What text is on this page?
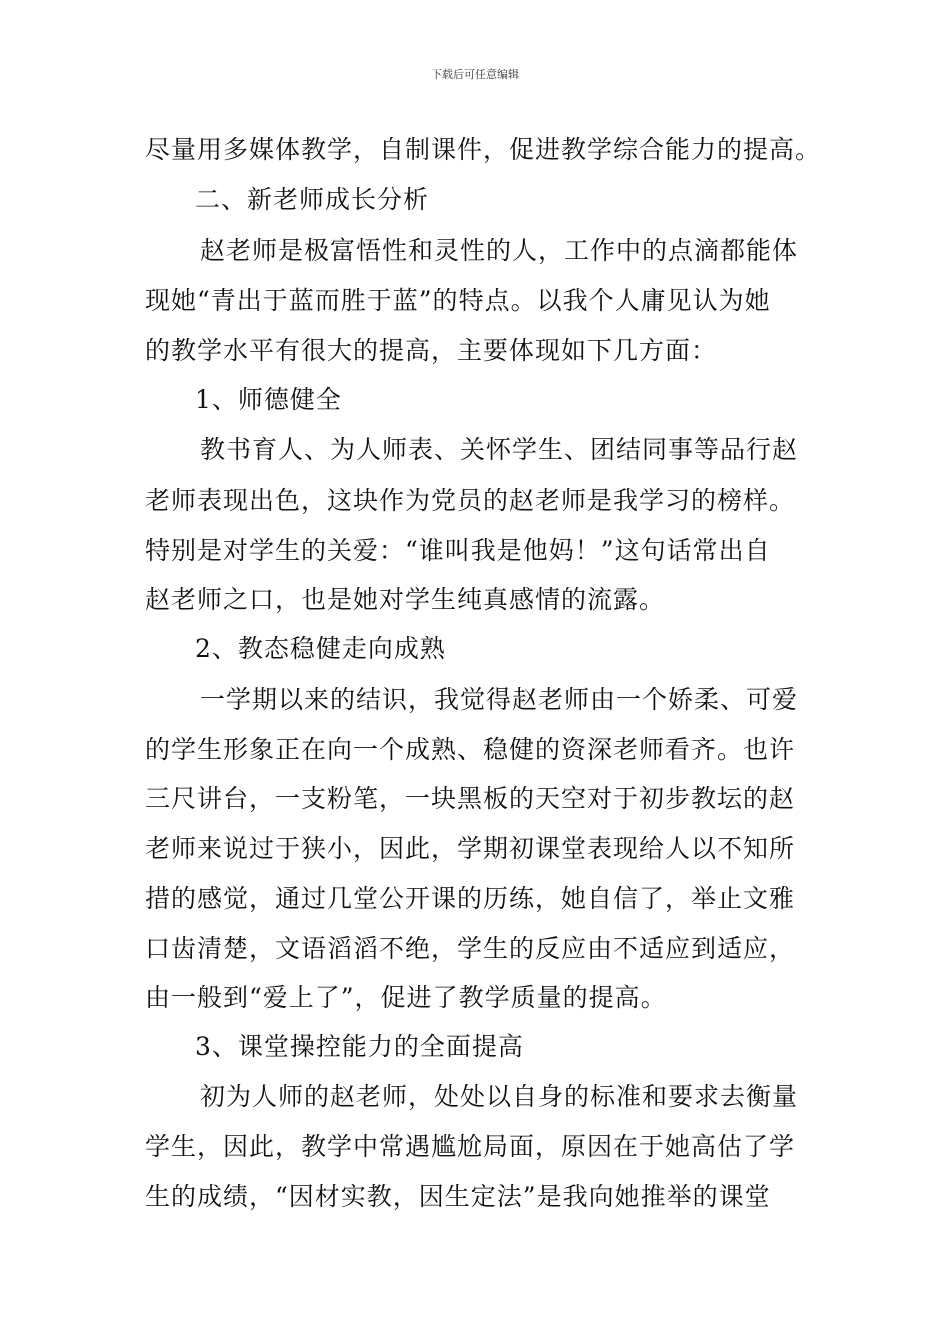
下载后可任意编辑
尽量用多媒体教学，自制课件，促进教学综合能力的提高。
二、新老师成长分析
赵老师是极富悟性和灵性的人，工作中的点滴都能体
现她“青出于蓝而胜于蓝”的特点。以我个人庸见认为她
的教学水平有很大的提高，主要体现如下几方面：
1、师德健全
教书育人、为人师表、关怀学生、团结同事等品行赵
老师表现出色，这块作为党员的赵老师是我学习的榜样。
特别是对学生的关爱：“谁叫我是他妈！”这句话常出自
赵老师之口，也是她对学生纯真感情的流露。
2、教态稳健走向成熟
一学期以来的结识，我觉得赵老师由一个娇柔、可爱
的学生形象正在向一个成熟、稳健的资深老师看齐。也许
三尺讲台，一支粉笔，一块黑板的天空对于初步教坛的赵
老师来说过于狭小，因此，学期初课堂表现给人以不知所
措的感觉，通过几堂公开课的历练，她自信了，举止文雅
口齿清楚，文语滔滔不绝，学生的反应由不适应到适应，
由一般到“爱上了”，促进了教学质量的提高。
3、课堂操控能力的全面提高
初为人师的赵老师，处处以自身的标准和要求去衡量
学生，因此，教学中常遇尴尬局面，原因在于她高估了学
生的成绩，“因材实教，因生定法”是我向她推举的课堂
